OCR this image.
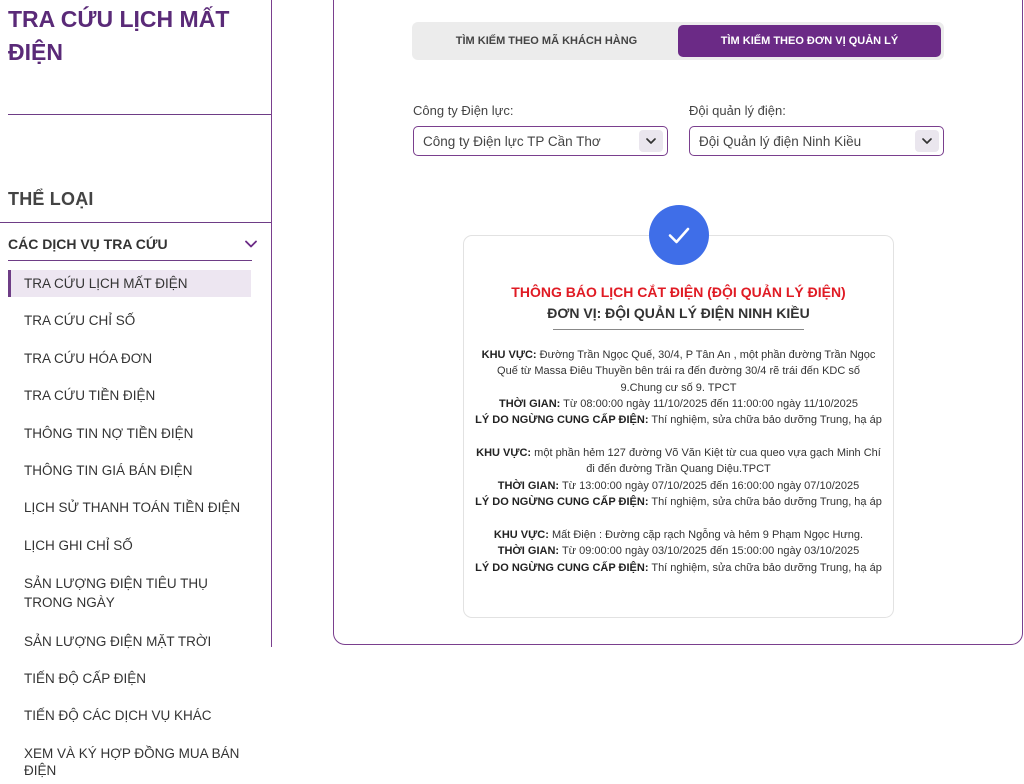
TRA CỨU LỊCH MẤT ĐIỆN
THỂ LOẠI
CÁC DỊCH VỤ TRA CỨU
TRA CỨU LỊCH MẤT ĐIỆN
TRA CỨU CHỈ SỐ
TRA CỨU HÓA ĐƠN
TRA CỨU TIỀN ĐIỆN
THÔNG TIN NỢ TIỀN ĐIỆN
THÔNG TIN GIÁ BÁN ĐIỆN
LỊCH SỬ THANH TOÁN TIỀN ĐIỆN
LỊCH GHI CHỈ SỐ
SẢN LƯỢNG ĐIỆN TIÊU THỤ TRONG NGÀY
SẢN LƯỢNG ĐIỆN MẶT TRỜI
TIẾN ĐỘ CẤP ĐIỆN
TIẾN ĐỘ CÁC DỊCH VỤ KHÁC
XEM VÀ KÝ HỢP ĐỒNG MUA BÁN ĐIỆN
TÌM KIẾM THEO MÃ KHÁCH HÀNG	TÌM KIẾM THEO ĐƠN VỊ QUẢN LÝ
Công ty Điện lực:
Công ty Điện lực TP Cần Thơ
Đội quản lý điện:
Đội Quản lý điện Ninh Kiều
THÔNG BÁO LỊCH CẮT ĐIỆN (ĐỘI QUẢN LÝ ĐIỆN)
ĐƠN VỊ: ĐỘI QUẢN LÝ ĐIỆN NINH KIỀU
KHU VỰC: Đường Trần Ngọc Quế, 30/4, P Tân An , một phần đường Trần Ngọc Quế từ Massa Điêu Thuyền bên trái ra đến đường 30/4 rẽ trái đến KDC số 9.Chung cư số 9. TPCT
THỜI GIAN: Từ 08:00:00 ngày 11/10/2025 đến 11:00:00 ngày 11/10/2025
LÝ DO NGỪNG CUNG CẤP ĐIỆN: Thí nghiệm, sửa chữa bảo dưỡng Trung, hạ áp
KHU VỰC: một phần hẻm 127 đường Võ Văn Kiệt từ cua queo vựa gạch Minh Chí đi đến đường Trần Quang Diệu.TPCT
THỜI GIAN: Từ 13:00:00 ngày 07/10/2025 đến 16:00:00 ngày 07/10/2025
LÝ DO NGỪNG CUNG CẤP ĐIỆN: Thí nghiệm, sửa chữa bảo dưỡng Trung, hạ áp
KHU VỰC: Mất Điện : Đường cặp rạch Ngỗng và hẻm 9 Phạm Ngọc Hưng.
THỜI GIAN: Từ 09:00:00 ngày 03/10/2025 đến 15:00:00 ngày 03/10/2025
LÝ DO NGỪNG CUNG CẤP ĐIỆN: Thí nghiệm, sửa chữa bảo dưỡng Trung, hạ áp
